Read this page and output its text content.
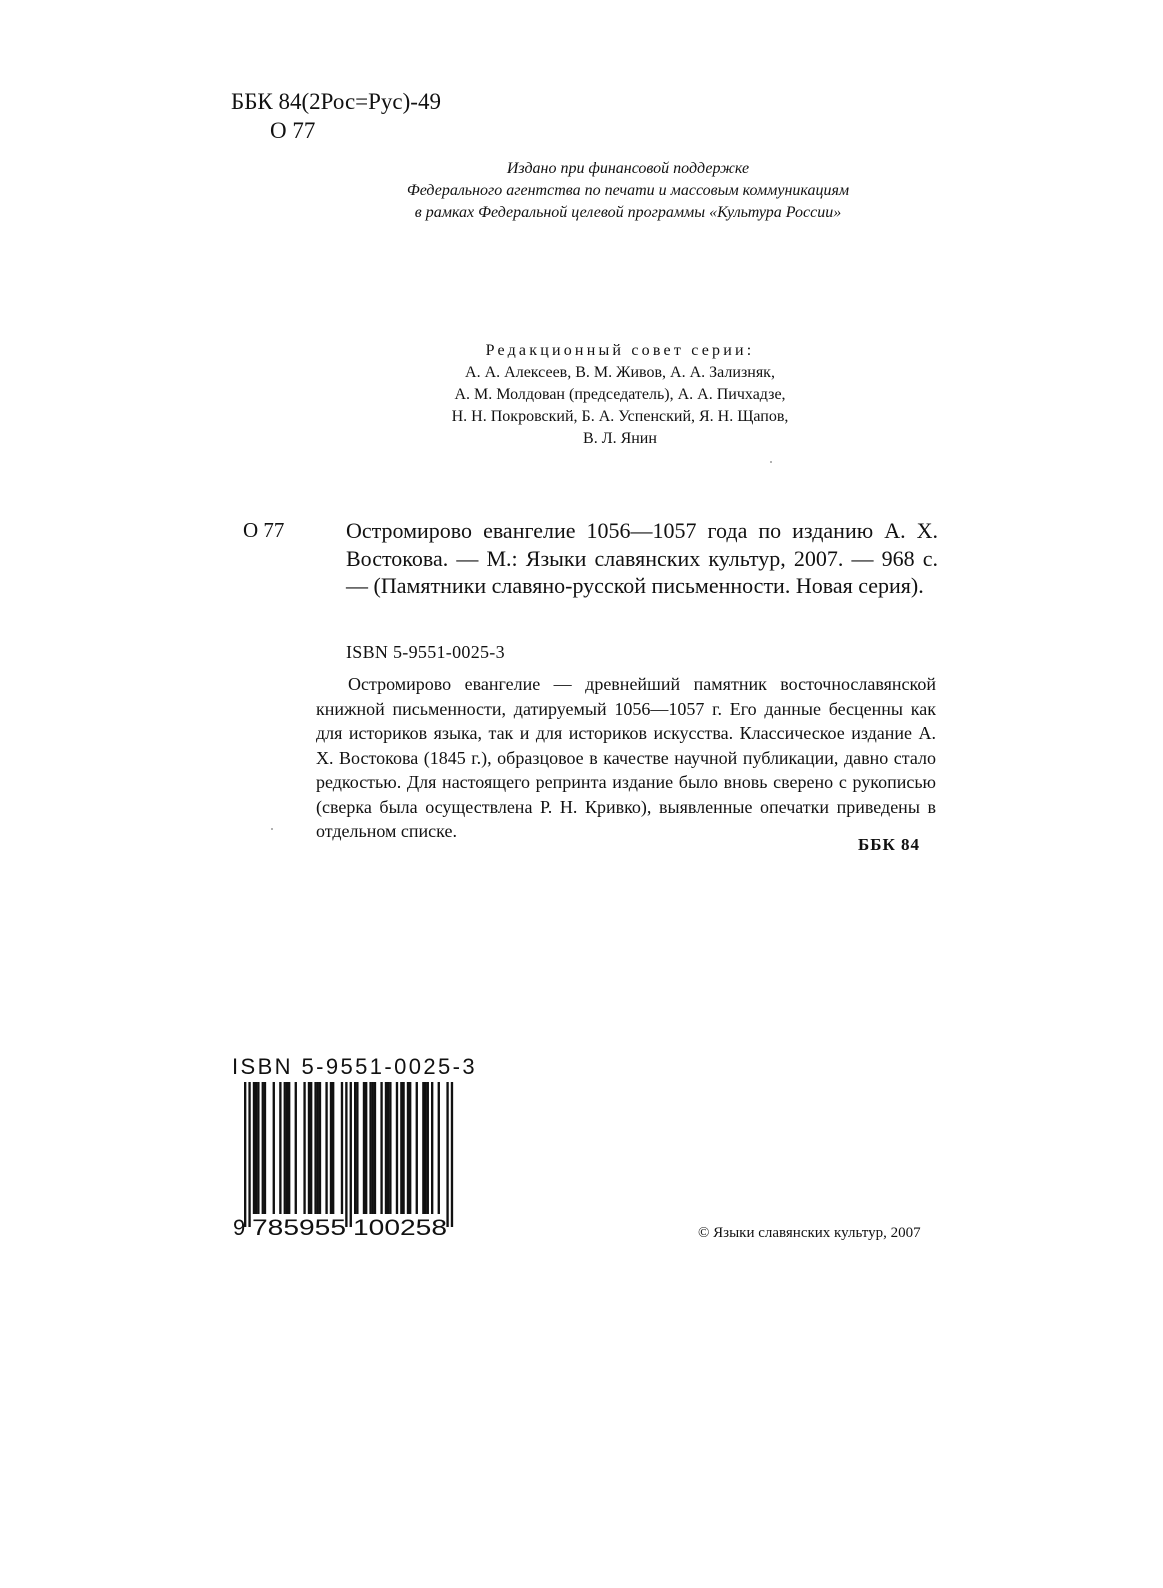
ББК 84(2Рос=Рус)-49
О 77
Издано при финансовой поддержке
Федерального агентства по печати и массовым коммуникациям
в рамках Федеральной целевой программы «Культура России»
Редакционный совет серии:
А. А. Алексеев, В. М. Живов, А. А. Зализняк,
А. М. Молдован (председатель), А. А. Пичхадзе,
Н. Н. Покровский, Б. А. Успенский, Я. Н. Щапов,
В. Л. Янин
О 77	Остромирово евангелие 1056—1057 года по изданию А. Х. Востокова. — М.: Языки славянских культур, 2007. — 968 с. — (Памятники славяно-русской письменности. Новая серия).
ISBN 5-9551-0025-3
Остромирово евангелие — древнейший памятник восточнославянской книжной письменности, датируемый 1056—1057 г. Его данные бесценны как для историков языка, так и для историков искусства. Классическое издание А. Х. Востокова (1845 г.), образцовое в качестве научной публикации, давно стало редкостью. Для настоящего репринта издание было вновь сверено с рукописью (сверка была осуществлена Р. Н. Кривко), выявленные опечатки приведены в отдельном списке.
ББК 84
ISBN 5-9551-0025-3
9 785955 100258	© Языки славянских культур, 2007
